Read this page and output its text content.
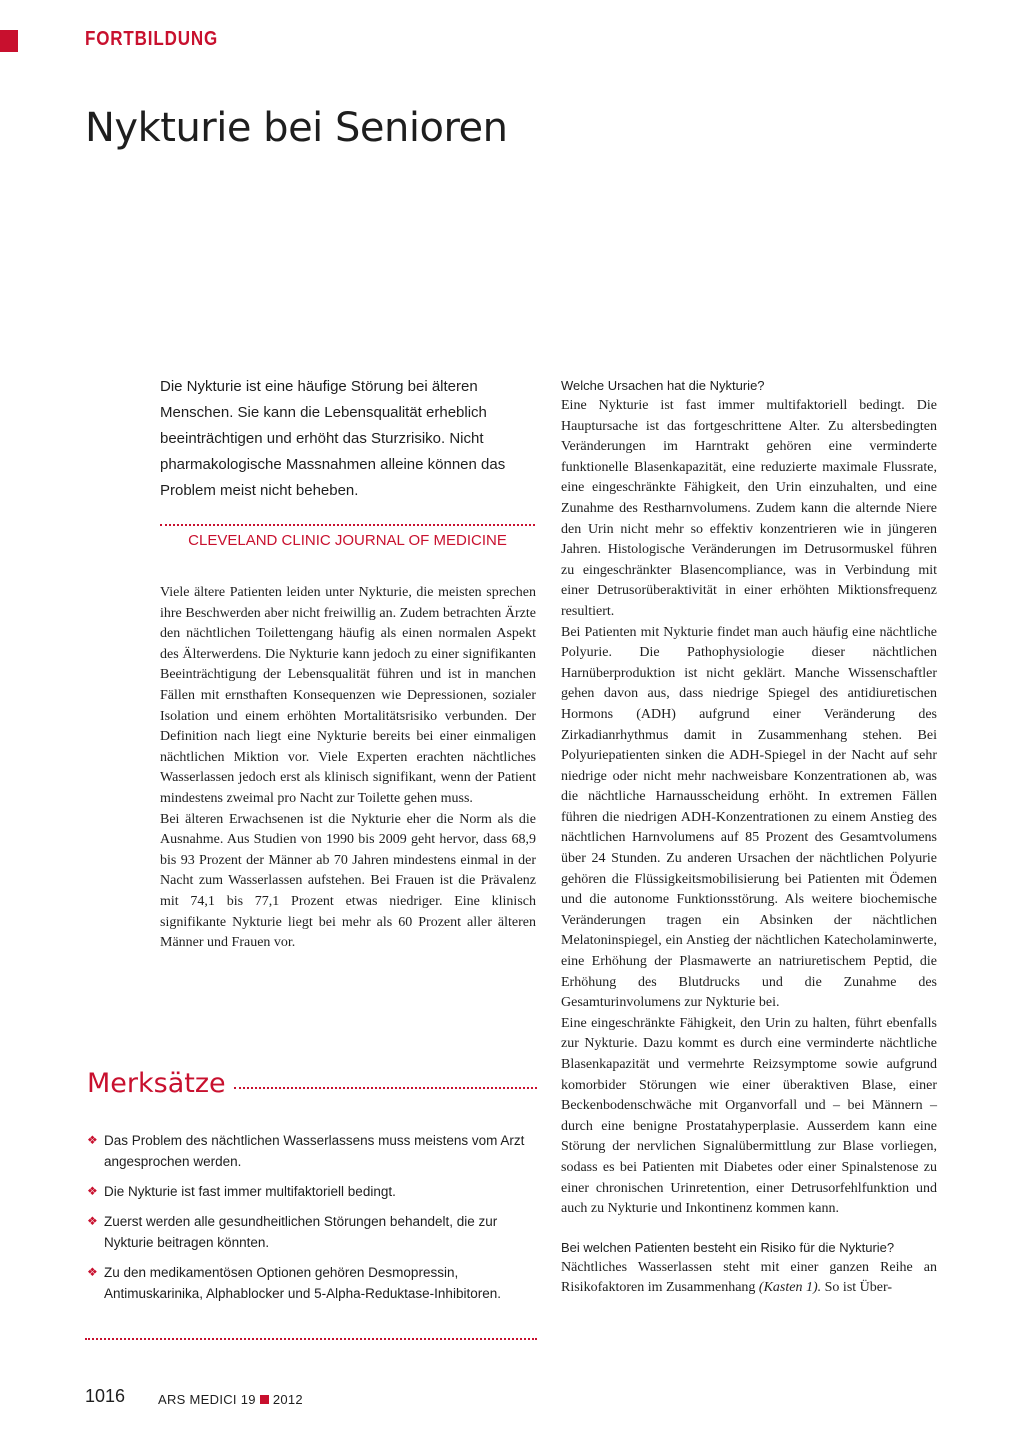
FORTBILDUNG
Nykturie bei Senioren

Die Nykturie ist eine häufige Störung bei älteren Menschen. Sie kann die Lebensqualität erheblich beeinträchtigen und erhöht das Sturzrisiko. Nicht pharmakologische Massnahmen alleine können das Problem meist nicht beheben.

CLEVELAND CLINIC JOURNAL OF MEDICINE

Viele ältere Patienten leiden unter Nykturie, die meisten sprechen ihre Beschwerden aber nicht freiwillig an. Zudem betrachten Ärzte den nächtlichen Toilettengang häufig als einen normalen Aspekt des Älterwerdens. Die Nykturie kann jedoch zu einer signifikanten Beeinträchtigung der Lebensqualität führen und ist in manchen Fällen mit ernsthaften Konsequenzen wie Depressionen, sozialer Isolation und einem erhöhten Mortalitätsrisiko verbunden. Der Definition nach liegt eine Nykturie bereits bei einer einmaligen nächtlichen Miktion vor. Viele Experten erachten nächtliches Wasserlassen jedoch erst als klinisch signifikant, wenn der Patient mindestens zweimal pro Nacht zur Toilette gehen muss.

Bei älteren Erwachsenen ist die Nykturie eher die Norm als die Ausnahme. Aus Studien von 1990 bis 2009 geht hervor, dass 68,9 bis 93 Prozent der Männer ab 70 Jahren mindestens einmal in der Nacht zum Wasserlassen aufstehen. Bei Frauen ist die Prävalenz mit 74,1 bis 77,1 Prozent etwas niedriger. Eine klinisch signifikante Nykturie liegt bei mehr als 60 Prozent aller älteren Männer und Frauen vor.

Merksätze
❖ Das Problem des nächtlichen Wasserlassens muss meistens vom Arzt angesprochen werden.
❖ Die Nykturie ist fast immer multifaktoriell bedingt.
❖ Zuerst werden alle gesundheitlichen Störungen behandelt, die zur Nykturie beitragen könnten.
❖ Zu den medikamentösen Optionen gehören Desmopressin, Antimuskarinika, Alphablocker und 5-Alpha-Reduktase-Inhibitoren.
Welche Ursachen hat die Nykturie?

Eine Nykturie ist fast immer multifaktoriell bedingt. Die Hauptursache ist das fortgeschrittene Alter. Zu altersbedingten Veränderungen im Harntrakt gehören eine verminderte funktionelle Blasenkapazität, eine reduzierte maximale Flussrate, eine eingeschränkte Fähigkeit, den Urin einzuhalten, und eine Zunahme des Restharnvolumens. Zudem kann die alternde Niere den Urin nicht mehr so effektiv konzentrieren wie in jüngeren Jahren. Histologische Veränderungen im Detrusormuskel führen zu eingeschränkter Blasencompliance, was in Verbindung mit einer Detrusorüberaktivität in einer erhöhten Miktionsfrequenz resultiert.

Bei Patienten mit Nykturie findet man auch häufig eine nächtliche Polyurie. Die Pathophysiologie dieser nächtlichen Harnüberproduktion ist nicht geklärt. Manche Wissenschaftler gehen davon aus, dass niedrige Spiegel des antidiuretischen Hormons (ADH) aufgrund einer Veränderung des Zirkadianrhythmus damit in Zusammenhang stehen. Bei Polyuriepatienten sinken die ADH-Spiegel in der Nacht auf sehr niedrige oder nicht mehr nachweisbare Konzentrationen ab, was die nächtliche Harnausscheidung erhöht. In extremen Fällen führen die niedrigen ADH-Konzentrationen zu einem Anstieg des nächtlichen Harnvolumens auf 85 Prozent des Gesamtvolumens über 24 Stunden. Zu anderen Ursachen der nächtlichen Polyurie gehören die Flüssigkeitsmobilisierung bei Patienten mit Ödemen und die autonome Funktionsstörung. Als weitere biochemische Veränderungen tragen ein Absinken der nächtlichen Melatoninspiegel, ein Anstieg der nächtlichen Katecholaminwerte, eine Erhöhung der Plasmawerte an natriuretischem Peptid, die Erhöhung des Blutdrucks und die Zunahme des Gesamturinvolumens zur Nykturie bei.

Eine eingeschränkte Fähigkeit, den Urin zu halten, führt ebenfalls zur Nykturie. Dazu kommt es durch eine verminderte nächtliche Blasenkapazität und vermehrte Reizsymptome sowie aufgrund komorbider Störungen wie einer überaktiven Blase, einer Beckenbodenschwäche mit Organvorfall und – bei Männern – durch eine benigne Prostatahyperplasie. Ausserdem kann eine Störung der nervlichen Signalübermittlung zur Blase vorliegen, sodass es bei Patienten mit Diabetes oder einer Spinalstenose zu einer chronischen Urinretention, einer Detrusorfehlfunktion und auch zu Nykturie und Inkontinenz kommen kann.

Bei welchen Patienten besteht ein Risiko für die Nykturie?

Nächtliches Wasserlassen steht mit einer ganzen Reihe an Risikofaktoren im Zusammenhang (Kasten 1). So ist Über-

1016	ARS MEDICI 19 2012
